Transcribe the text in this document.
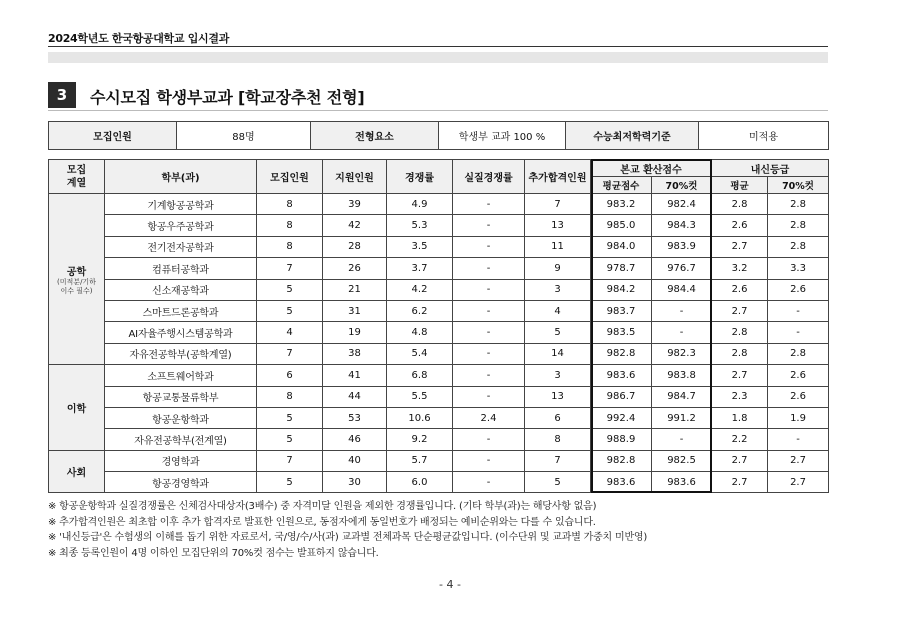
2024학년도 한국항공대학교 입시결과
3	수시모집 학생부교과 [학교장추천 전형]
모집인원	88명	전형요소	학생부 교과 100 %	수능최저학력기준	미적용
모집
계열	학부(과)	모집인원	지원인원	경쟁률	실질경쟁률	추가합격인원	본교 환산점수		내신등급	
							평균점수	70%컷	평균	70%컷
공학
(미적분/기하
이수 필수)	기계항공공학과	8	39	4.9	-	7	983.2	982.4	2.8	2.8
	항공우주공학과	8	42	5.3	-	13	985.0	984.3	2.6	2.8
	전기전자공학과	8	28	3.5	-	11	984.0	983.9	2.7	2.8
	컴퓨터공학과	7	26	3.7	-	9	978.7	976.7	3.2	3.3
	신소재공학과	5	21	4.2	-	3	984.2	984.4	2.6	2.6
	스마트드론공학과	5	31	6.2	-	4	983.7	-	2.7	-
	AI자율주행시스템공학과	4	19	4.8	-	5	983.5	-	2.8	-
	자유전공학부(공학계열)	7	38	5.4	-	14	982.8	982.3	2.8	2.8
이학	소프트웨어학과	6	41	6.8	-	3	983.6	983.8	2.7	2.6
	항공교통물류학부	8	44	5.5	-	13	986.7	984.7	2.3	2.6
	항공운항학과	5	53	10.6	2.4	6	992.4	991.2	1.8	1.9
	자유전공학부(전계열)	5	46	9.2	-	8	988.9	-	2.2	-
사회	경영학과	7	40	5.7	-	7	982.8	982.5	2.7	2.7
	항공경영학과	5	30	6.0	-	5	983.6	983.6	2.7	2.7
※ 항공운항학과 실질경쟁률은 신체검사대상자(3배수) 중 자격미달 인원을 제외한 경쟁률입니다. (기타 학부(과)는 해당사항 없음)
※ 추가합격인원은 최초합 이후 추가 합격자로 발표한 인원으로, 동점자에게 동일번호가 배정되는 예비순위와는 다를 수 있습니다.
※ '내신등급'은 수험생의 이해를 돕기 위한 자료로서, 국/영/수/사(과) 교과별 전체과목 단순평균값입니다. (이수단위 및 교과별 가중치 미반영)
※ 최종 등록인원이 4명 이하인 모집단위의 70%컷 점수는 발표하지 않습니다.
- 4 -
